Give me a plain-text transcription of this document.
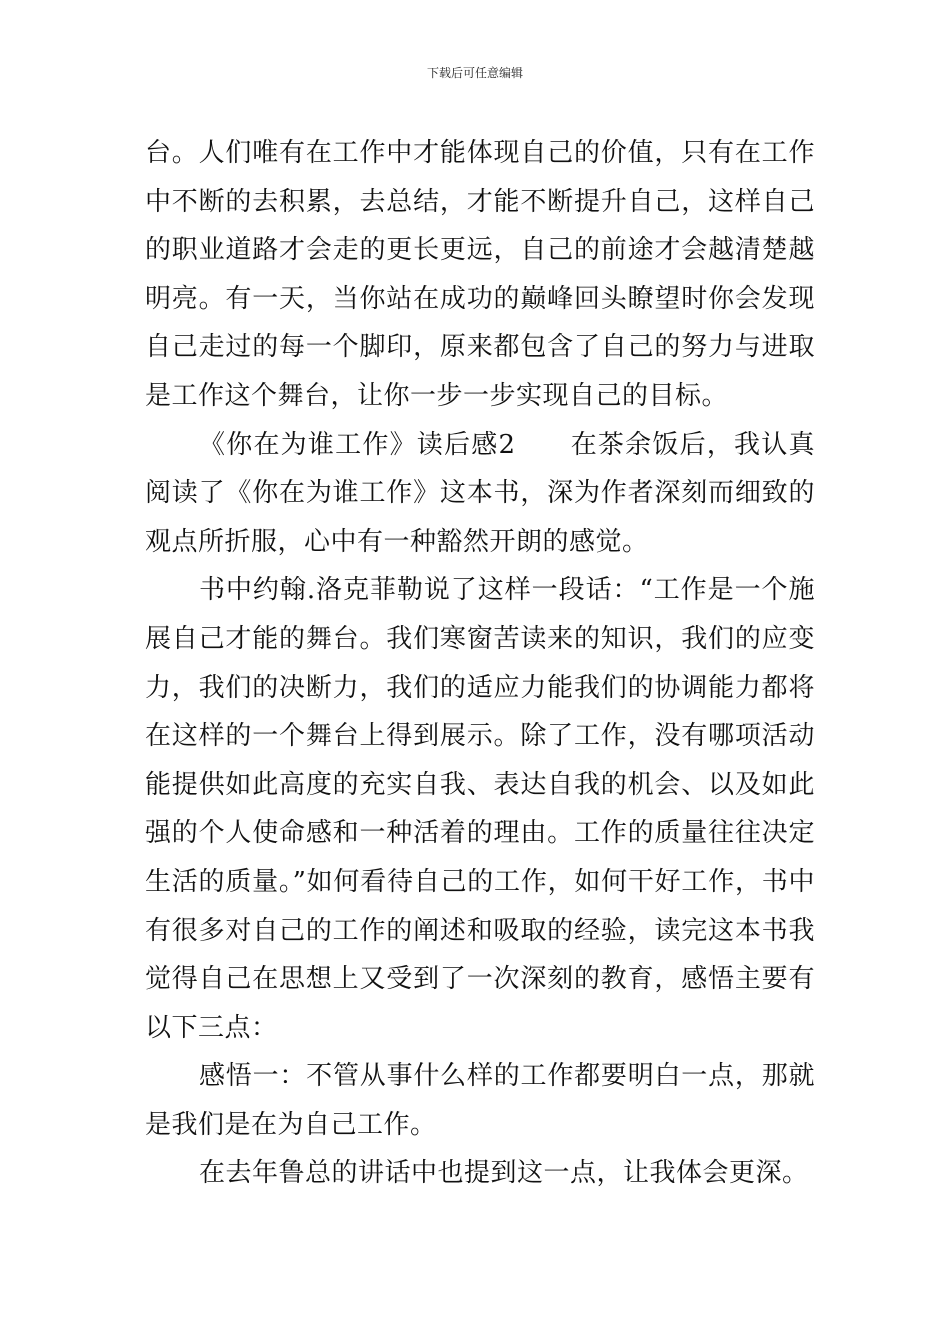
下载后可任意编辑

台。人们唯有在工作中才能体现自己的价值，只有在工作中不断的去积累，去总结，才能不断提升自己，这样自己的职业道路才会走的更长更远，自己的前途才会越清楚越明亮。有一天，当你站在成功的巅峰回头瞭望时你会发现自己走过的每一个脚印，原来都包含了自己的努力与进取是工作这个舞台，让你一步一步实现自己的目标。

《你在为谁工作》读后感2　　在茶余饭后，我认真阅读了《你在为谁工作》这本书，深为作者深刻而细致的观点所折服，心中有一种豁然开朗的感觉。

书中约翰.洛克菲勒说了这样一段话：“工作是一个施展自己才能的舞台。我们寒窗苦读来的知识，我们的应变力，我们的决断力，我们的适应力能我们的协调能力都将在这样的一个舞台上得到展示。除了工作，没有哪项活动能提供如此高度的充实自我、表达自我的机会、以及如此强的个人使命感和一种活着的理由。工作的质量往往决定生活的质量。”如何看待自己的工作，如何干好工作，书中有很多对自己的工作的阐述和吸取的经验，读完这本书我觉得自己在思想上又受到了一次深刻的教育，感悟主要有以下三点：

感悟一：不管从事什么样的工作都要明白一点，那就是我们是在为自己工作。

在去年鲁总的讲话中也提到这一点，让我体会更深。
